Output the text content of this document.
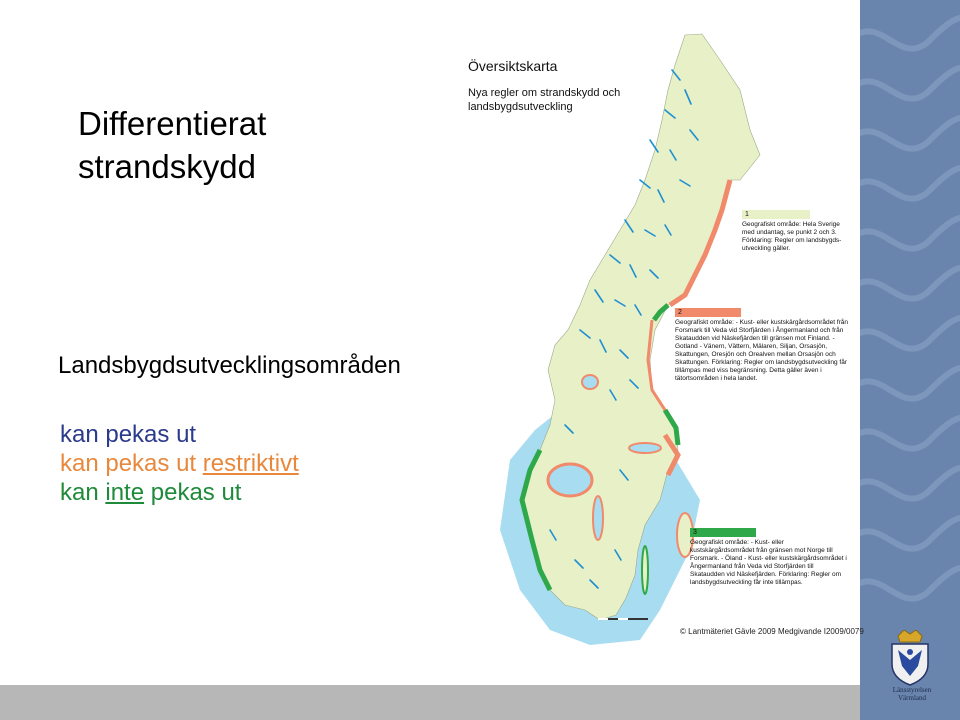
Differentierat
strandskydd
Landsbygdsutvecklingsområden
kan pekas ut
kan pekas ut restriktivt
kan inte pekas ut
Översiktskarta
Nya regler om strandskydd och landsbygdsutveckling
1

Geografiskt område: Hela Sverige med undantag, se punkt 2 och 3. Förklaring: Regler om landsbygds-utveckling gäller.

2

Geografiskt område: - Kust- eller kustskärgårdsområdet från Forsmark till Veda vid Storfjärden i Ångermanland och från Skataudden vid Näskefjärden till gränsen mot Finland. - Gotland - Vänern, Vättern, Mälaren, Siljan, Orsasjön, Skattungen, Oresjön och Orealven mellan Orsasjön och Skattungen. Förklaring: Regler om landsbygdsutveckling får tillämpas med viss begränsning. Detta gäller även i tätortsområden i hela landet.

3

Geografiskt område: - Kust- eller kustskärgårdsområdet från gränsen mot Norge till Forsmark. - Öland - Kust- eller kustskärgårdsområdet i Ångermanland från Veda vid Storfjärden till Skataudden vid Näskefjärden. Förklaring: Regler om landsbygdsutveckling får inte tillämpas.

© Lantmäteriet Gävle 2009 Medgivande I2009/0079
Länsstyrelsen
Värmland
